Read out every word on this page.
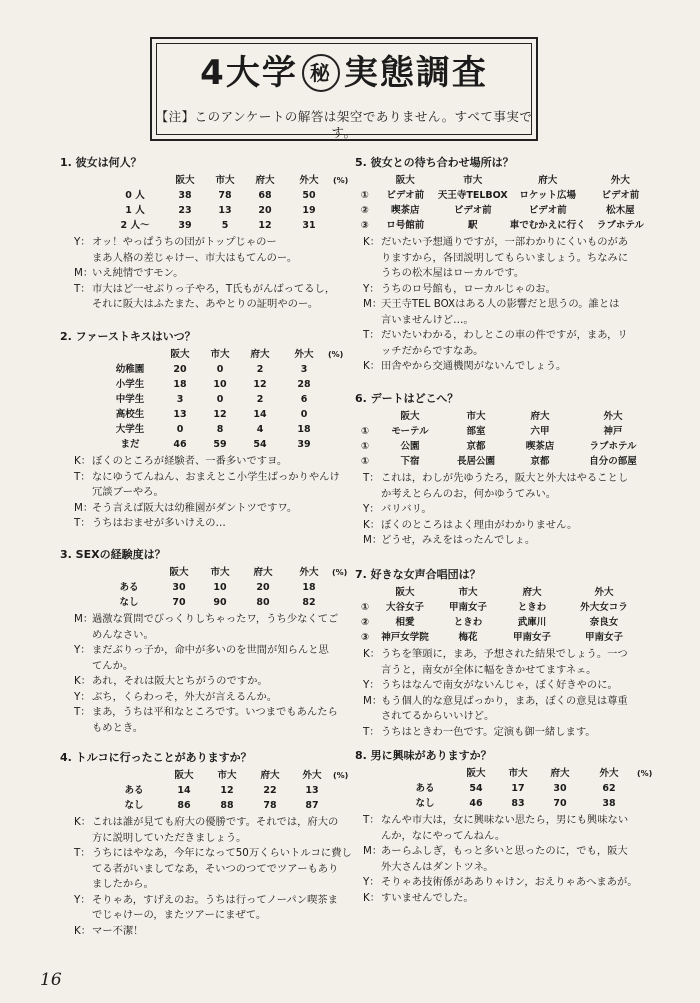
4大学 秘 実態調査
【注】このアンケートの解答は架空でありません。すべて事実です。
1. 彼女は何人？
	阪大	市大	府大	外大	(%)
0 人	38	78	68	50	
1 人	23	13	20	19	
2 人～	39	5	12	31	
Y： オッ！やっぱうちの団がトップじゃのー
まあ人格の差じゃけー、市大はもてんのー。
M：
いえ純情ですモン。
T： 市大はど一せぶりっ子やろ，T氏もがんばってるし，
それに阪大はふたまた、あやとりの証明やのー。
2. ファーストキスはいつ？
	阪大	市大	府大	外大	(%)
幼稚園	20	0	2	3	
小学生	18	10	12	28	
中学生	3	0	2	6	
高校生	13	12	14	0	
大学生	0	8	4	18	
まだ	46	59	54	39	
K： ぼくのところが経験者、一番多いですヨ。
T： なにゆうてんねん、おまえとこ小学生ばっかりやんけ
冗談ブーやろ。
M：
そう言えば阪大は幼稚園がダントツですワ。
T： うちはおませが多いけえの…
3. SEXの経験度は？
	阪大	市大	府大	外大	(%)
ある	30	10	20	18	
なし	70	90	80	82	
M：
過激な質問でびっくりしちゃったワ，うち少なくてご
めんなさい。
Y： まだぶりっ子か，命中が多いのを世間が知らんと思
てんか。
K： あれ，それは阪大とちがうのですか。
Y： ぶち，くらわっそ，外大が言えるんか。
T： まあ，うちは平和なところです。いつまでもあんたら
もめとき。
4. トルコに行ったことがありますか？
	阪大	市大	府大	外大	(%)
ある	14	12	22	13	
なし	86	88	78	87	
K： これは誰が見ても府大の優勝です。それでは，府大の
方に説明していただきましょう。
T： うちにはやなあ，今年になって50万くらいトルコに費し
てる者がいましてなあ，そいつのつてでツアーもあり
ましたから。
Y： そりゃあ，すげえのお。うちは行ってノーパン喫茶ま
でじゃけーの，またツアーにまぜて。
K： マー不潔！
5. 彼女との待ち合わせ場所は？
	阪大	市大	府大	外大
①	ビデオ前	天王寺TELBOX	ロケット広場	ビデオ前
②	喫茶店	ビデオ前	ビデオ前	松木屋
③	ロ号館前	駅	車でむかえに行く	ラブホテル
K： だいたい予想通りですが，一部わかりにくいものがあ
りますから，各団説明してもらいましょう。ちなみに
うちの松木屋はローカルです。
Y： うちのロ号館も，ローカルじゃのお。
M：
天王寺TEL BOXはある人の影響だと思うの。誰とは
言いませんけど…。
T： だいたいわかる，わしとこの車の件ですが，まあ，リ
ッチだからですなあ。
K： 田舎やから交通機関がないんでしょう。
6. デートはどこへ？
	阪大	市大	府大	外大
①	モーテル	部室	六甲	神戸
①	公園	京都	喫茶店	ラブホテル
①	下宿	長居公園	京都	自分の部屋
T： これは，わしが先ゆうたろ，阪大と外大はやることし
か考えとらんのお，何かゆうてみい。
Y： バリバリ。
K： ぼくのところはよく理由がわかりません。
M：
どうせ，みえをはったんでしょ。
7. 好きな女声合唱団は？
	阪大	市大	府大	外大
①	大谷女子	甲南女子	ときわ	外大女コラ
②	相愛	ときわ	武庫川	奈良女
③	神戸女学院	梅花	甲南女子	甲南女子
K： うちを筆頭に，まあ，予想された結果でしょう。一つ
言うと，南女が全体に幅をきかせてますネェ。
Y： うちはなんで南女がないんじゃ，ぼく好きやのに。
M：
もう個人的な意見ばっかり，まあ，ぼくの意見は尊重
されてるからいいけど。
T： うちはときわ一色です。定演も御一緒します。
8. 男に興味がありますか？
	阪大	市大	府大	外大	(%)
ある	54	17	30	62	
なし	46	83	70	38	
T： なんや市大は，女に興味ない思たら，男にも興味ない
んか，なにやってんねん。
M：
あーらふしぎ，もっと多いと思ったのに，でも，阪大
外大さんはダントツネ。
Y： そりゃあ技術係があありゃけン，おえりゃあへまあが。
K： すいませんでした。
16
